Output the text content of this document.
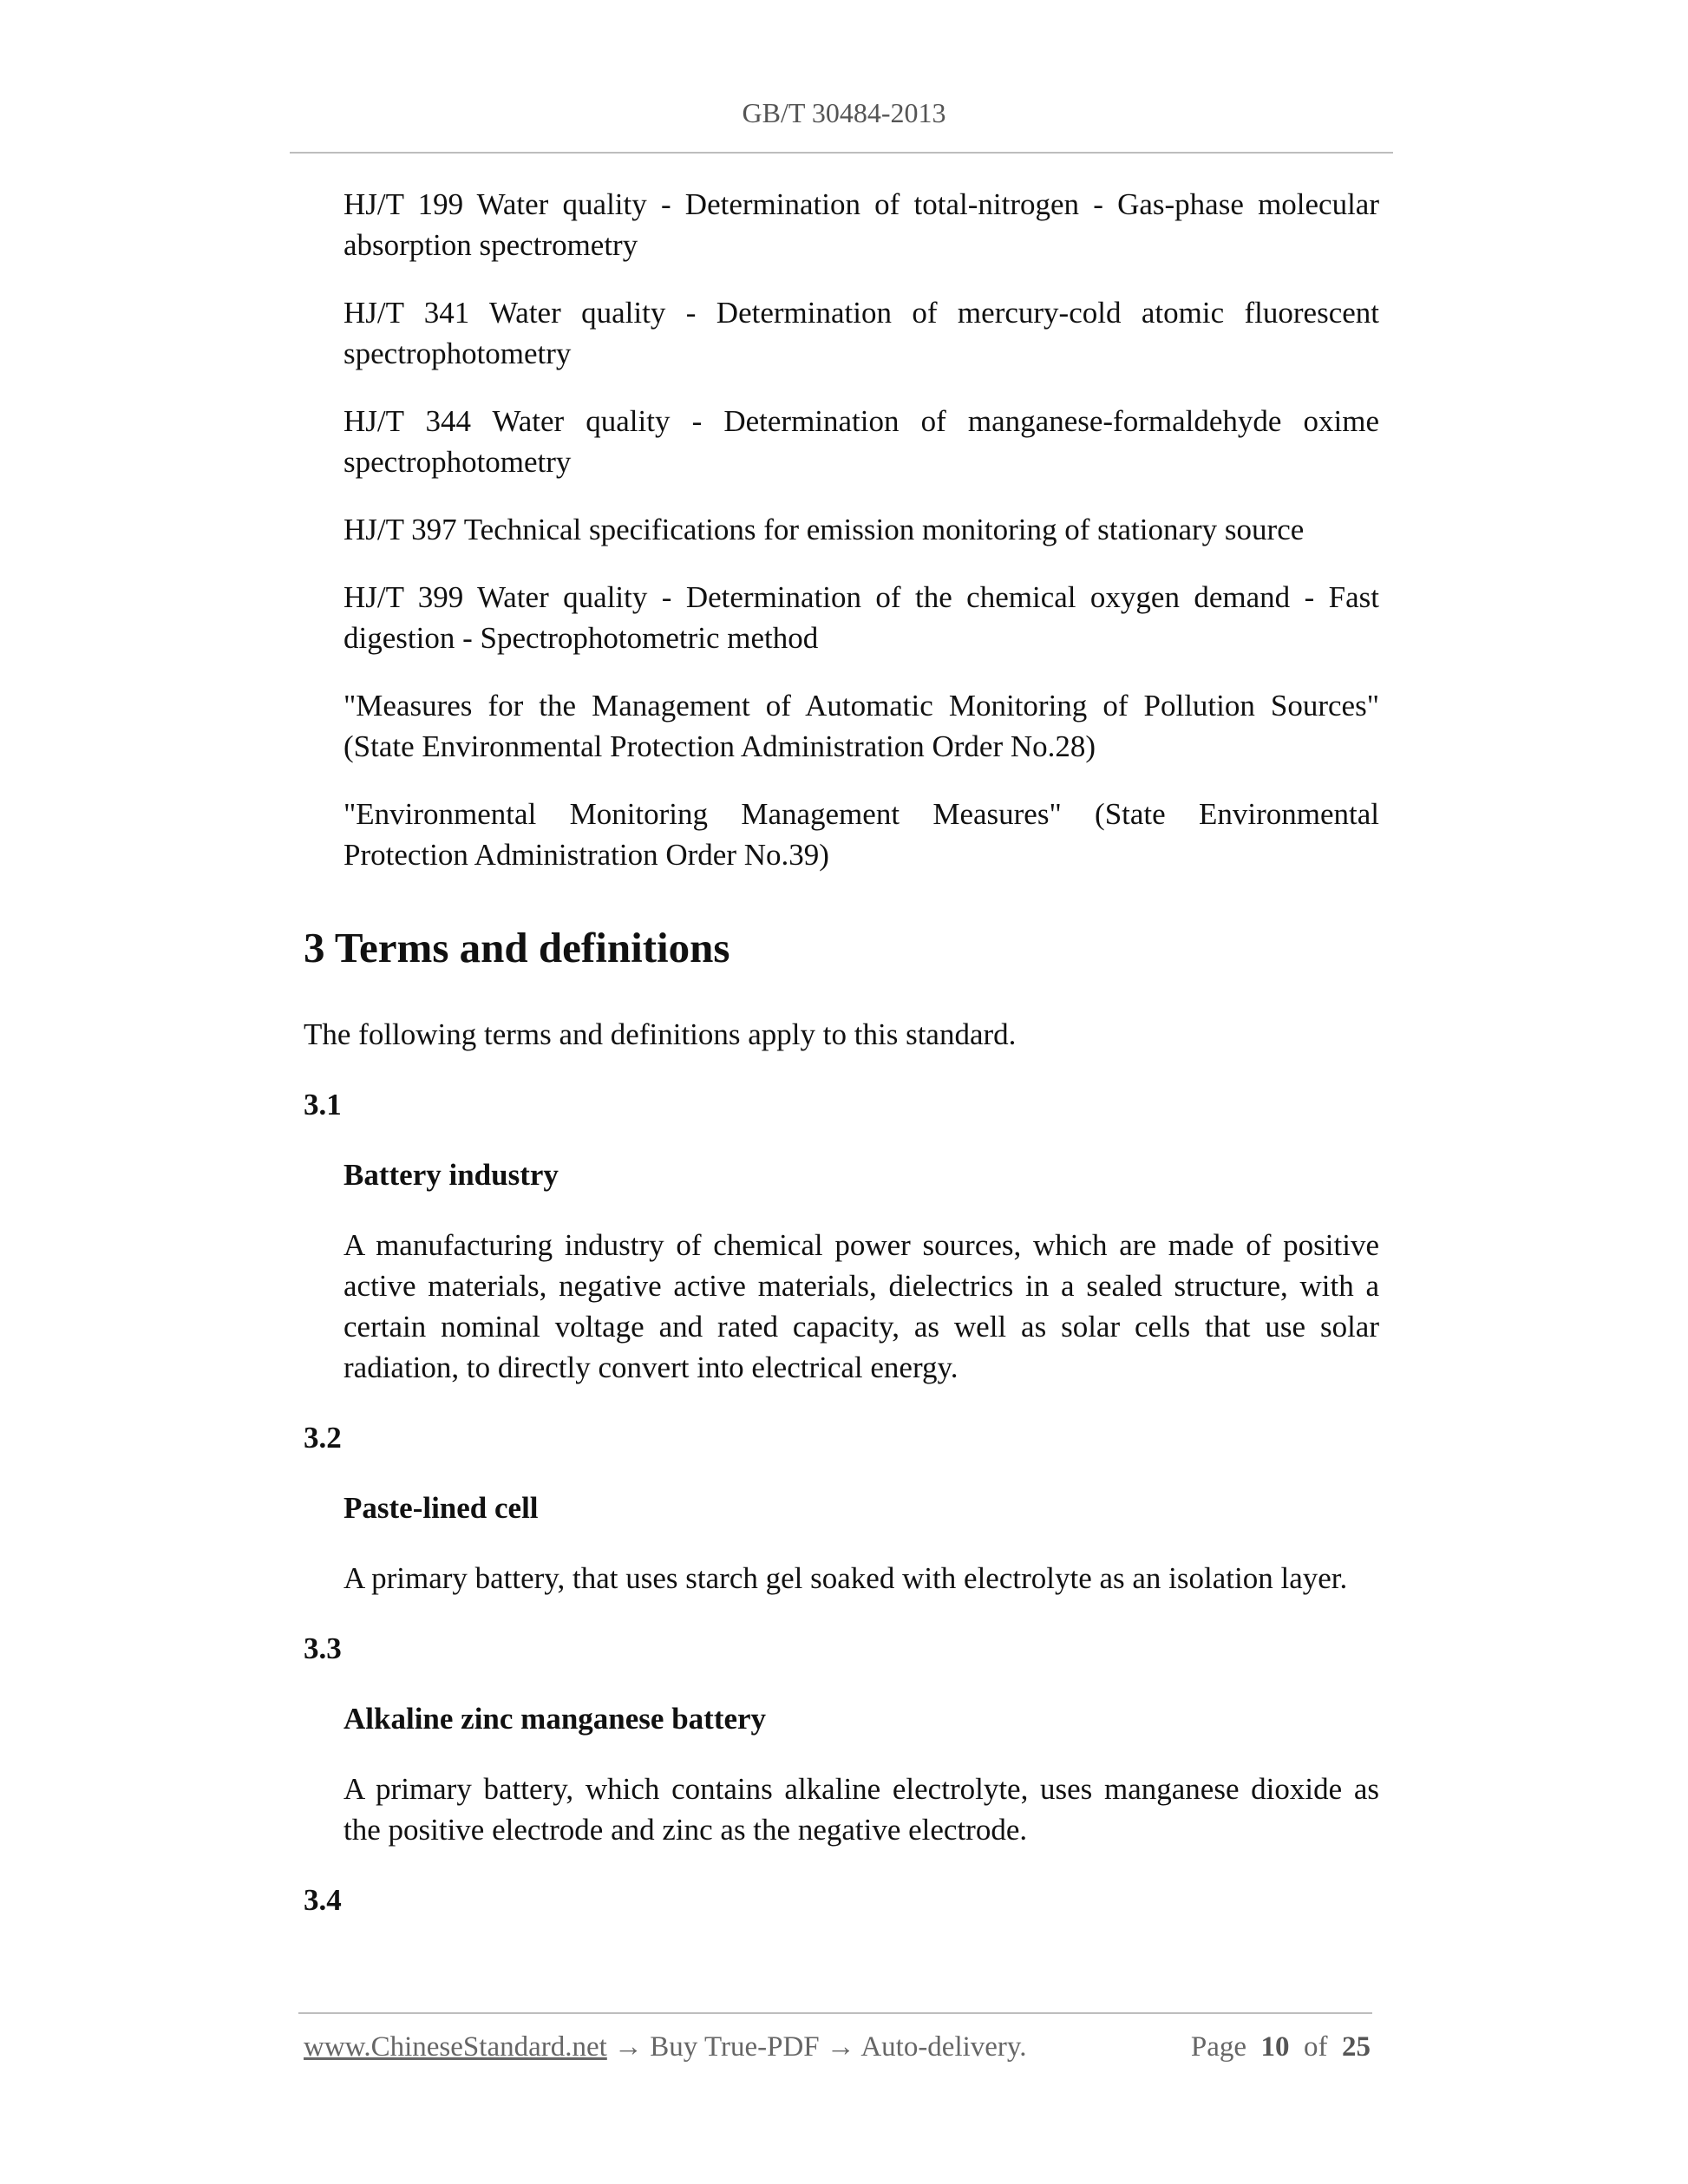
GB/T 30484-2013

HJ/T 199 Water quality - Determination of total-nitrogen - Gas-phase molecular absorption spectrometry

HJ/T 341 Water quality - Determination of mercury-cold atomic fluorescent spectrophotometry

HJ/T 344 Water quality - Determination of manganese-formaldehyde oxime spectrophotometry

HJ/T 397 Technical specifications for emission monitoring of stationary source

HJ/T 399 Water quality - Determination of the chemical oxygen demand - Fast digestion - Spectrophotometric method

"Measures for the Management of Automatic Monitoring of Pollution Sources" (State Environmental Protection Administration Order No.28)

"Environmental Monitoring Management Measures" (State Environmental Protection Administration Order No.39)

3 Terms and definitions

The following terms and definitions apply to this standard.

3.1

Battery industry

A manufacturing industry of chemical power sources, which are made of positive active materials, negative active materials, dielectrics in a sealed structure, with a certain nominal voltage and rated capacity, as well as solar cells that use solar radiation, to directly convert into electrical energy.

3.2

Paste-lined cell

A primary battery, that uses starch gel soaked with electrolyte as an isolation layer.

3.3

Alkaline zinc manganese battery

A primary battery, which contains alkaline electrolyte, uses manganese dioxide as the positive electrode and zinc as the negative electrode.

3.4

www.ChineseStandard.net → Buy True-PDF → Auto-delivery.	Page 10 of 25
